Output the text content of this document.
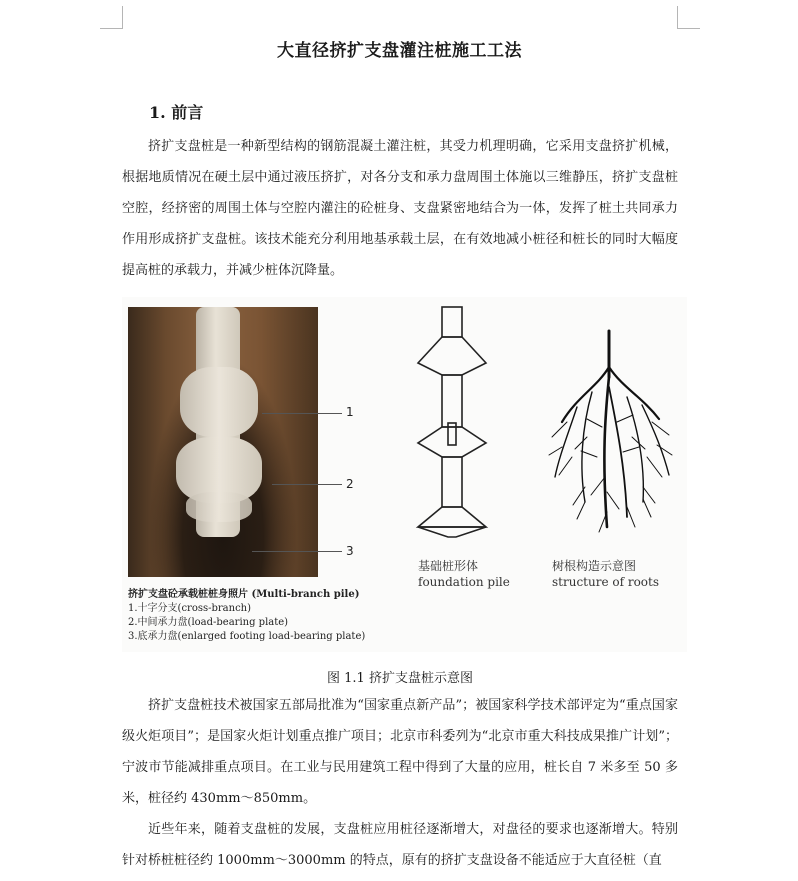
大直径挤扩支盘灌注桩施工工法
1. 前言
挤扩支盘桩是一种新型结构的钢筋混凝土灌注桩，其受力机理明确，它采用支盘挤扩机械，根据地质情况在硬土层中通过液压挤扩，对各分支和承力盘周围土体施以三维静压，挤扩支盘桩空腔，经挤密的周围土体与空腔内灌注的砼桩身、支盘紧密地结合为一体，发挥了桩土共同承力作用形成挤扩支盘桩。该技术能充分利用地基承载土层，在有效地减小桩径和桩长的同时大幅度提高桩的承载力，并减少桩体沉降量。
1
2
3
挤扩支盘砼承载桩桩身照片 (Multi-branch pile)
1.十字分支(cross-branch)
2.中间承力盘(load-bearing plate)
3.底承力盘(enlarged footing load-bearing plate)
基础桩形体
foundation pile
树根构造示意图
structure of roots
图 1.1 挤扩支盘桩示意图
挤扩支盘桩技术被国家五部局批准为“国家重点新产品”；被国家科学技术部评定为“重点国家级火炬项目”；是国家火炬计划重点推广项目；北京市科委列为“北京市重大科技成果推广计划”；宁波市节能减排重点项目。在工业与民用建筑工程中得到了大量的应用，桩长自 7 米多至 50 多米，桩径约 430mm～850mm。
近些年来，随着支盘桩的发展，支盘桩应用桩径逐渐增大，对盘径的要求也逐渐增大。特别针对桥桩桩径约 1000mm～3000mm 的特点，原有的挤扩支盘设备不能适应于大直径桩（直
